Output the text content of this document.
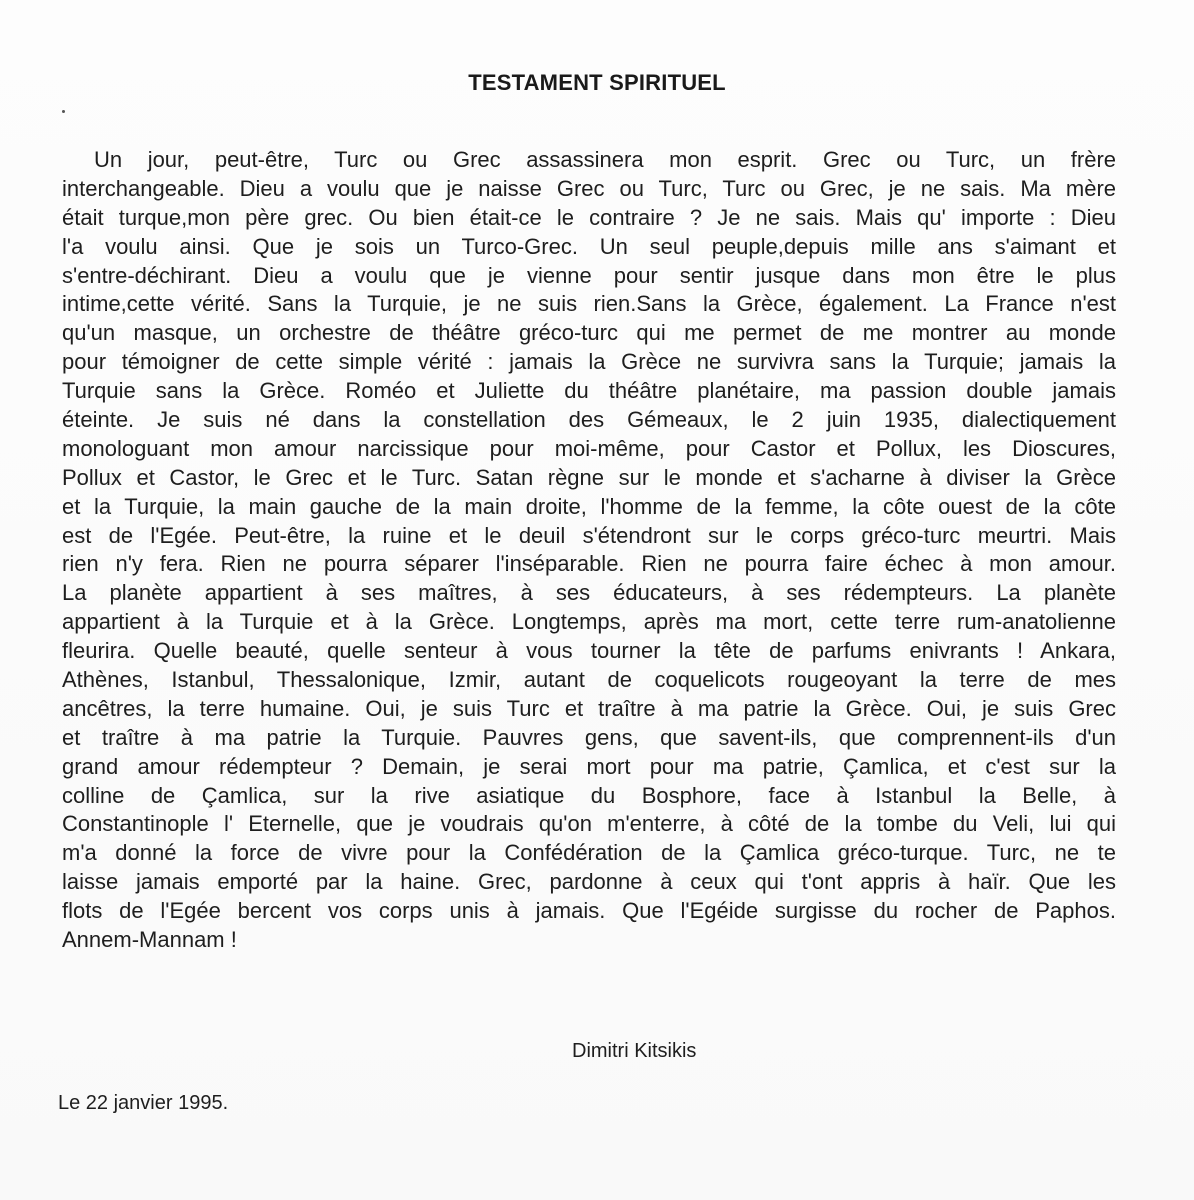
TESTAMENT SPIRITUEL
Un jour, peut-être, Turc ou Grec assassinera mon esprit. Grec ou Turc, un frère
interchangeable. Dieu a voulu que je naisse Grec ou Turc, Turc ou Grec, je ne sais. Ma mère
était turque,mon père grec. Ou bien était-ce le contraire ? Je ne sais. Mais qu' importe : Dieu
l'a voulu ainsi. Que je sois un Turco-Grec. Un seul peuple,depuis mille ans s'aimant et
s'entre-déchirant. Dieu a voulu que je vienne pour sentir jusque dans mon être le plus
intime,cette vérité. Sans la Turquie, je ne suis rien.Sans la Grèce, également. La France n'est
qu'un masque, un orchestre de théâtre gréco-turc qui me permet de me montrer au monde
pour témoigner de cette simple vérité : jamais la Grèce ne survivra sans la Turquie; jamais la
Turquie sans la Grèce. Roméo et Juliette du théâtre planétaire, ma passion double jamais
éteinte. Je suis né dans la constellation des Gémeaux, le 2 juin 1935, dialectiquement
monologuant mon amour narcissique pour moi-même, pour Castor et Pollux, les Dioscures,
Pollux et Castor, le Grec et le Turc. Satan règne sur le monde et s'acharne à diviser la Grèce
et la Turquie, la main gauche de la main droite, l'homme de la femme, la côte ouest de la côte
est de l'Egée. Peut-être, la ruine et le deuil s'étendront sur le corps gréco-turc meurtri. Mais
rien n'y fera. Rien ne pourra séparer l'inséparable. Rien ne pourra faire échec à mon amour.
La planète appartient à ses maîtres, à ses éducateurs, à ses rédempteurs. La planète
appartient à la Turquie et à la Grèce. Longtemps, après ma mort, cette terre rum-anatolienne
fleurira. Quelle beauté, quelle senteur à vous tourner la tête de parfums enivrants ! Ankara,
Athènes, Istanbul, Thessalonique, Izmir, autant de coquelicots rougeoyant la terre de mes
ancêtres, la terre humaine. Oui, je suis Turc et traître à ma patrie la Grèce. Oui, je suis Grec
et traître à ma patrie la Turquie. Pauvres gens, que savent-ils, que comprennent-ils d'un
grand amour rédempteur ? Demain, je serai mort pour ma patrie, Çamlica, et c'est sur la
colline de Çamlica, sur la rive asiatique du Bosphore, face à Istanbul la Belle, à
Constantinople l' Eternelle, que je voudrais qu'on m'enterre, à côté de la tombe du Veli, lui qui
m'a donné la force de vivre pour la Confédération de la Çamlica gréco-turque. Turc, ne te
laisse jamais emporté par la haine. Grec, pardonne à ceux qui t'ont appris à haïr. Que les
flots de l'Egée bercent vos corps unis à jamais. Que l'Egéide surgisse du rocher de Paphos.
Annem-Mannam !
Dimitri Kitsikis
Le 22 janvier 1995.
